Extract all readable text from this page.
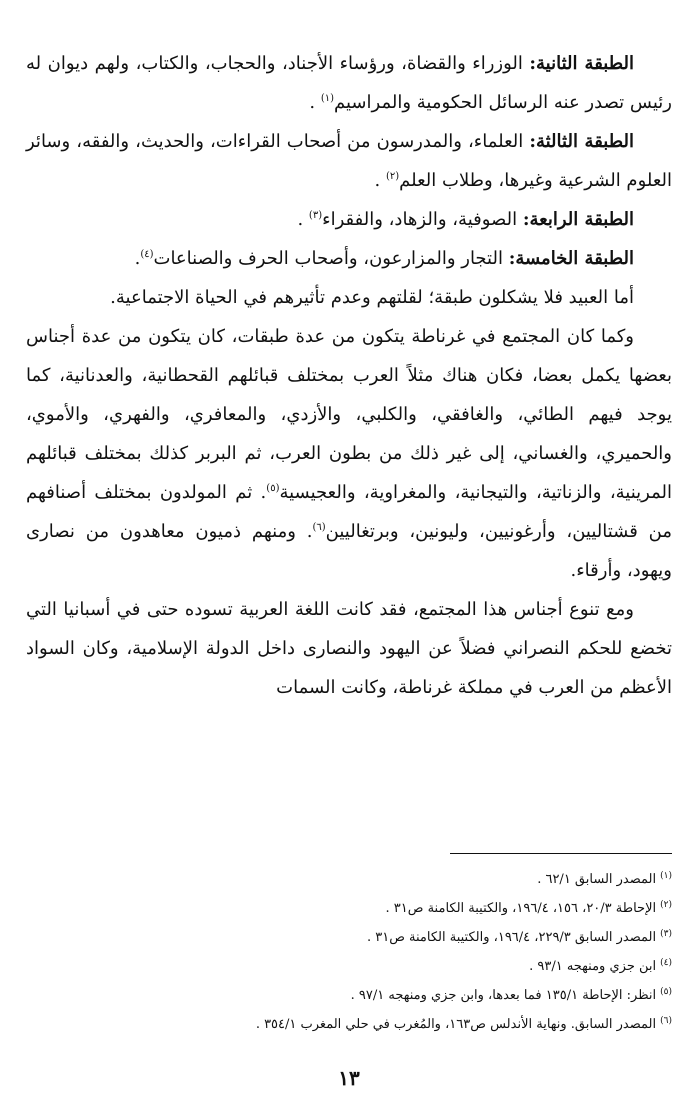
الطبقة الثانية: الوزراء والقضاة، ورؤساء الأجناد، والحجاب، والكتاب، ولهم ديوان له رئيس تصدر عنه الرسائل الحكومية والمراسيم$^{(١)}$ .

الطبقة الثالثة: العلماء، والمدرسون من أصحاب القراءات، والحديث، والفقه، وسائر العلوم الشرعية وغيرها، وطلاب العلم$^{(٢)}$ .

الطبقة الرابعة: الصوفية، والزهاد، والفقراء$^{(٣)}$ .

الطبقة الخامسة: التجار والمزارعون، وأصحاب الحرف والصناعات$^{(٤)}$.

أما العبيد فلا يشكلون طبقة؛ لقلتهم وعدم تأثيرهم في الحياة الاجتماعية.

وكما كان المجتمع في غرناطة يتكون من عدة طبقات، كان يتكون من عدة أجناس بعضها يكمل بعضا، فكان هناك مثلاً العرب بمختلف قبائلهم القحطانية، والعدنانية، كما يوجد فيهم الطائي، والغافقي، والكلبي، والأزدي، والمعافري، والفهري، والأموي، والحميري، والغساني، إلى غير ذلك من بطون العرب، ثم البربر كذلك بمختلف قبائلهم المرينية، والزناتية، والتيجانية، والمغراوية، والعجيسية$^{(٥)}$. ثم المولدون بمختلف أصنافهم من قشتاليين، وأرغونيين، وليونين، وبرتغاليين$^{(٦)}$. ومنهم ذميون معاهدون من نصارى ويهود، وأرقاء.

ومع تنوع أجناس هذا المجتمع، فقد كانت اللغة العربية تسوده حتى في أسبانيا التي تخضع للحكم النصراني فضلاً عن اليهود والنصارى داخل الدولة الإسلامية، وكان السواد الأعظم من العرب في مملكة غرناطة، وكانت السمات

$^{(١)}$المصدر السابق ٦٢/١ .
$^{(٢)}$الإحاطة ٢٠/٣، ١٥٦، ١٩٦/٤، والكتيبة الكامنة ص٣١ .
$^{(٣)}$المصدر السابق ٢٢٩/٣، ١٩٦/٤، والكتيبة الكامنة ص٣١ .
$^{(٤)}$ابن جزي ومنهجه ٩٣/١ .
$^{(٥)}$انظر: الإحاطة ١٣٥/١ فما بعدها، وابن جزي ومنهجه ٩٧/١ .
$^{(٦)}$المصدر السابق. ونهاية الأندلس ص١٦٣، والمُغرب في حلي المغرب ٣٥٤/١ .
١٣
